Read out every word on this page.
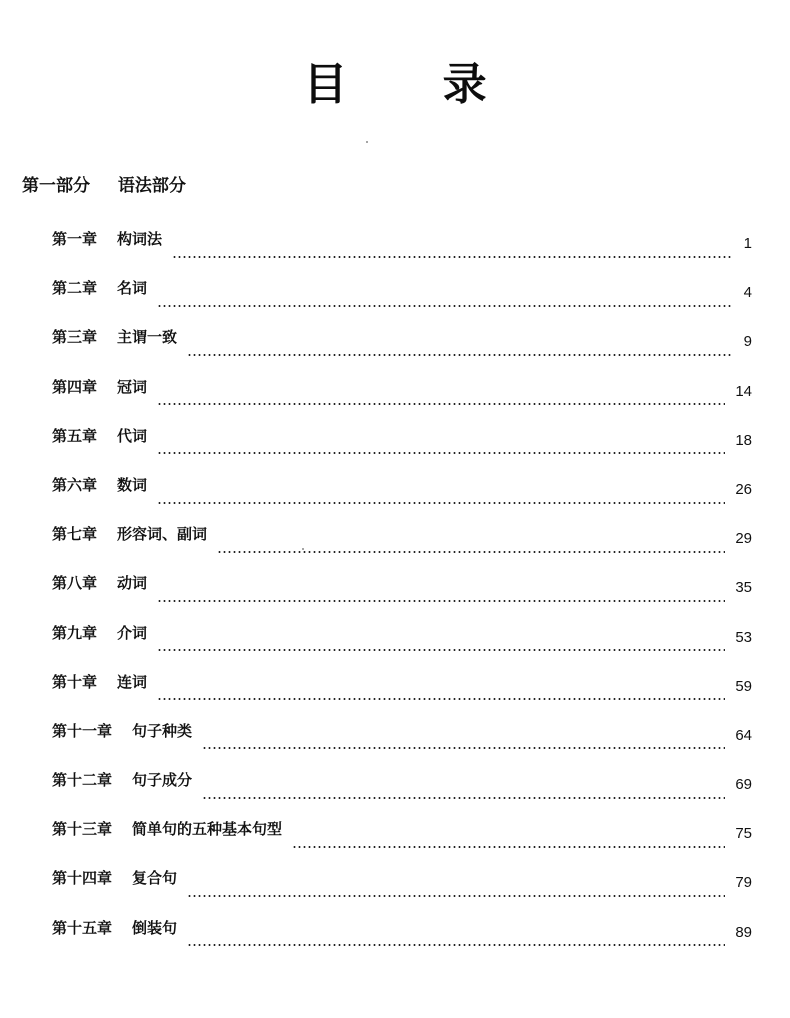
目 录
第一部分 语法部分
第一章 构词法	1
第二章 名词	4
第三章 主谓一致	9
第四章 冠词	14
第五章 代词	18
第六章 数词	26
第七章 形容词、副词	29
第八章 动词	35
第九章 介词	53
第十章 连词	59
第十一章 句子种类	64
第十二章 句子成分	69
第十三章 简单句的五种基本句型	75
第十四章 复合句	79
第十五章 倒装句	89
